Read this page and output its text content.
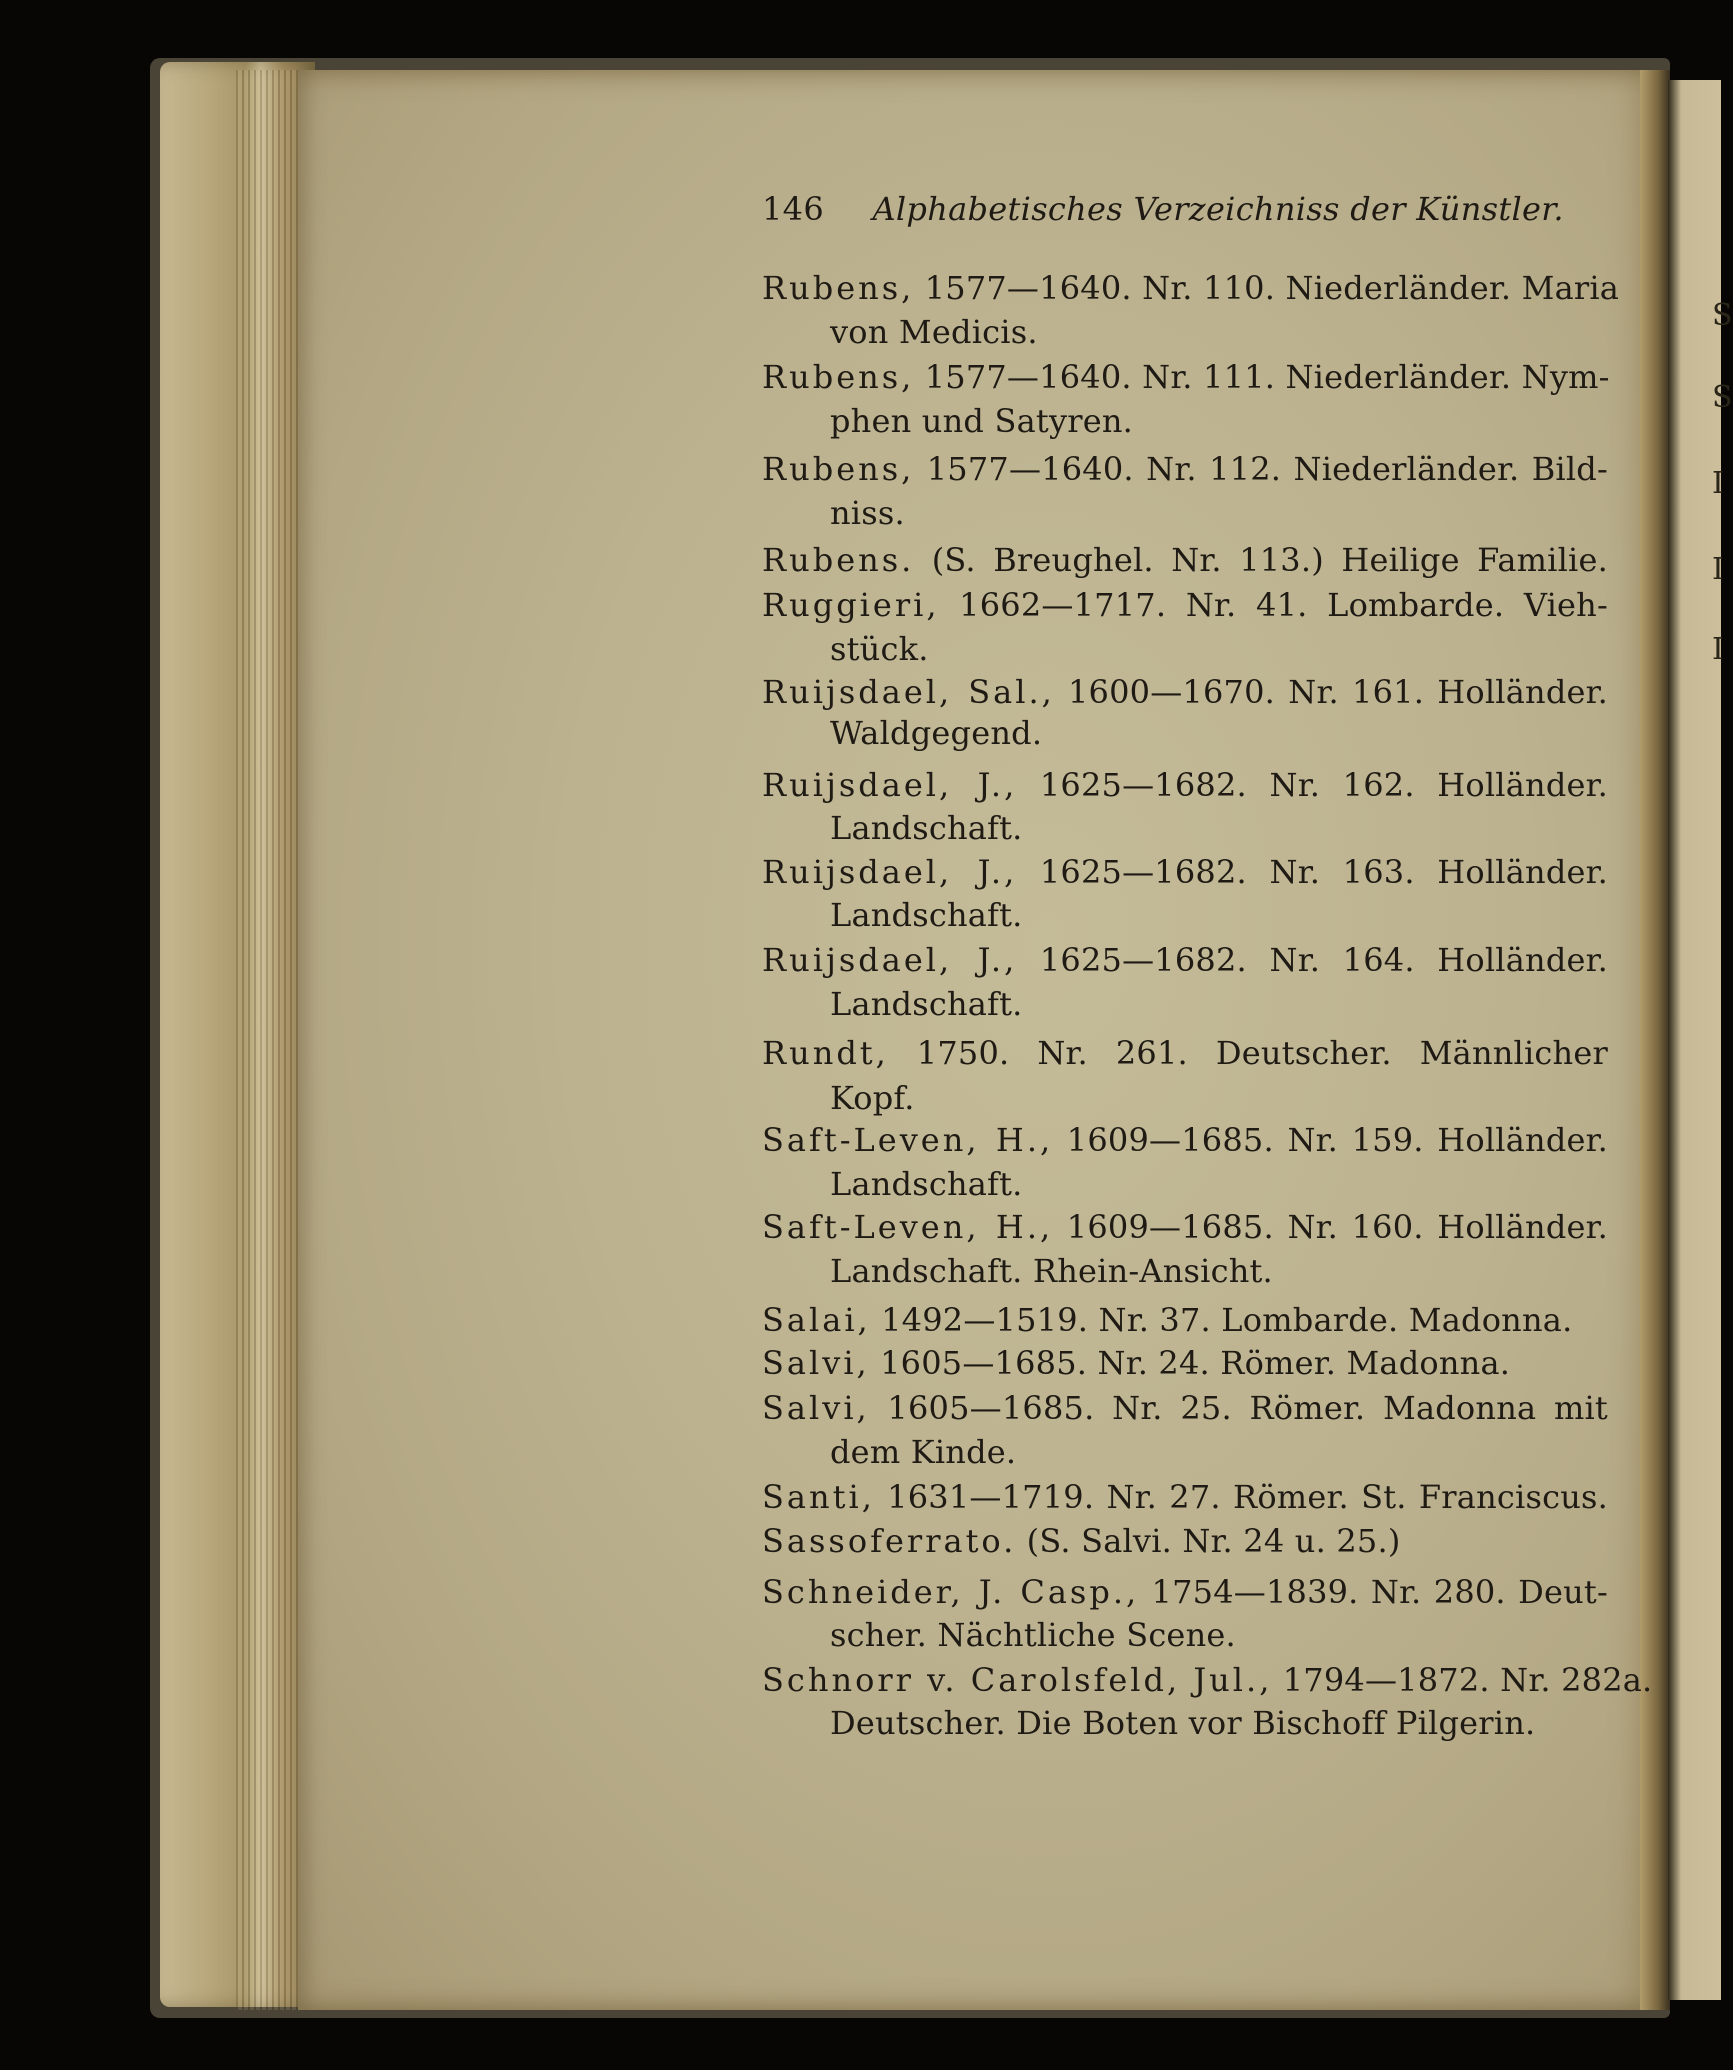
S
S
I
I
I
146 Alphabetisches Verzeichniss der Künstler.
Rubens, 1577—1640. Nr. 110. Niederländer. Maria
von Medicis.
Rubens, 1577—1640. Nr. 111. Niederländer. Nym-
phen und Satyren.
Rubens, 1577—1640. Nr. 112. Niederländer. Bild-
niss.
Rubens. (S. Breughel. Nr. 113.) Heilige Familie.
Ruggieri, 1662—1717. Nr. 41. Lombarde. Vieh-
stück.
Ruijsdael, Sal., 1600—1670. Nr. 161. Holländer.
Waldgegend.
Ruijsdael, J., 1625—1682. Nr. 162. Holländer.
Landschaft.
Ruijsdael, J., 1625—1682. Nr. 163. Holländer.
Landschaft.
Ruijsdael, J., 1625—1682. Nr. 164. Holländer.
Landschaft.
Rundt, 1750. Nr. 261. Deutscher. Männlicher
Kopf.
Saft-Leven, H., 1609—1685. Nr. 159. Holländer.
Landschaft.
Saft-Leven, H., 1609—1685. Nr. 160. Holländer.
Landschaft. Rhein-Ansicht.
Salai, 1492—1519. Nr. 37. Lombarde. Madonna.
Salvi, 1605—1685. Nr. 24. Römer. Madonna.
Salvi, 1605—1685. Nr. 25. Römer. Madonna mit
dem Kinde.
Santi, 1631—1719. Nr. 27. Römer. St. Franciscus.
Sassoferrato. (S. Salvi. Nr. 24 u. 25.)
Schneider, J. Casp., 1754—1839. Nr. 280. Deut-
scher. Nächtliche Scene.
Schnorr v. Carolsfeld, Jul., 1794—1872. Nr. 282a.
Deutscher. Die Boten vor Bischoff Pilgerin.
